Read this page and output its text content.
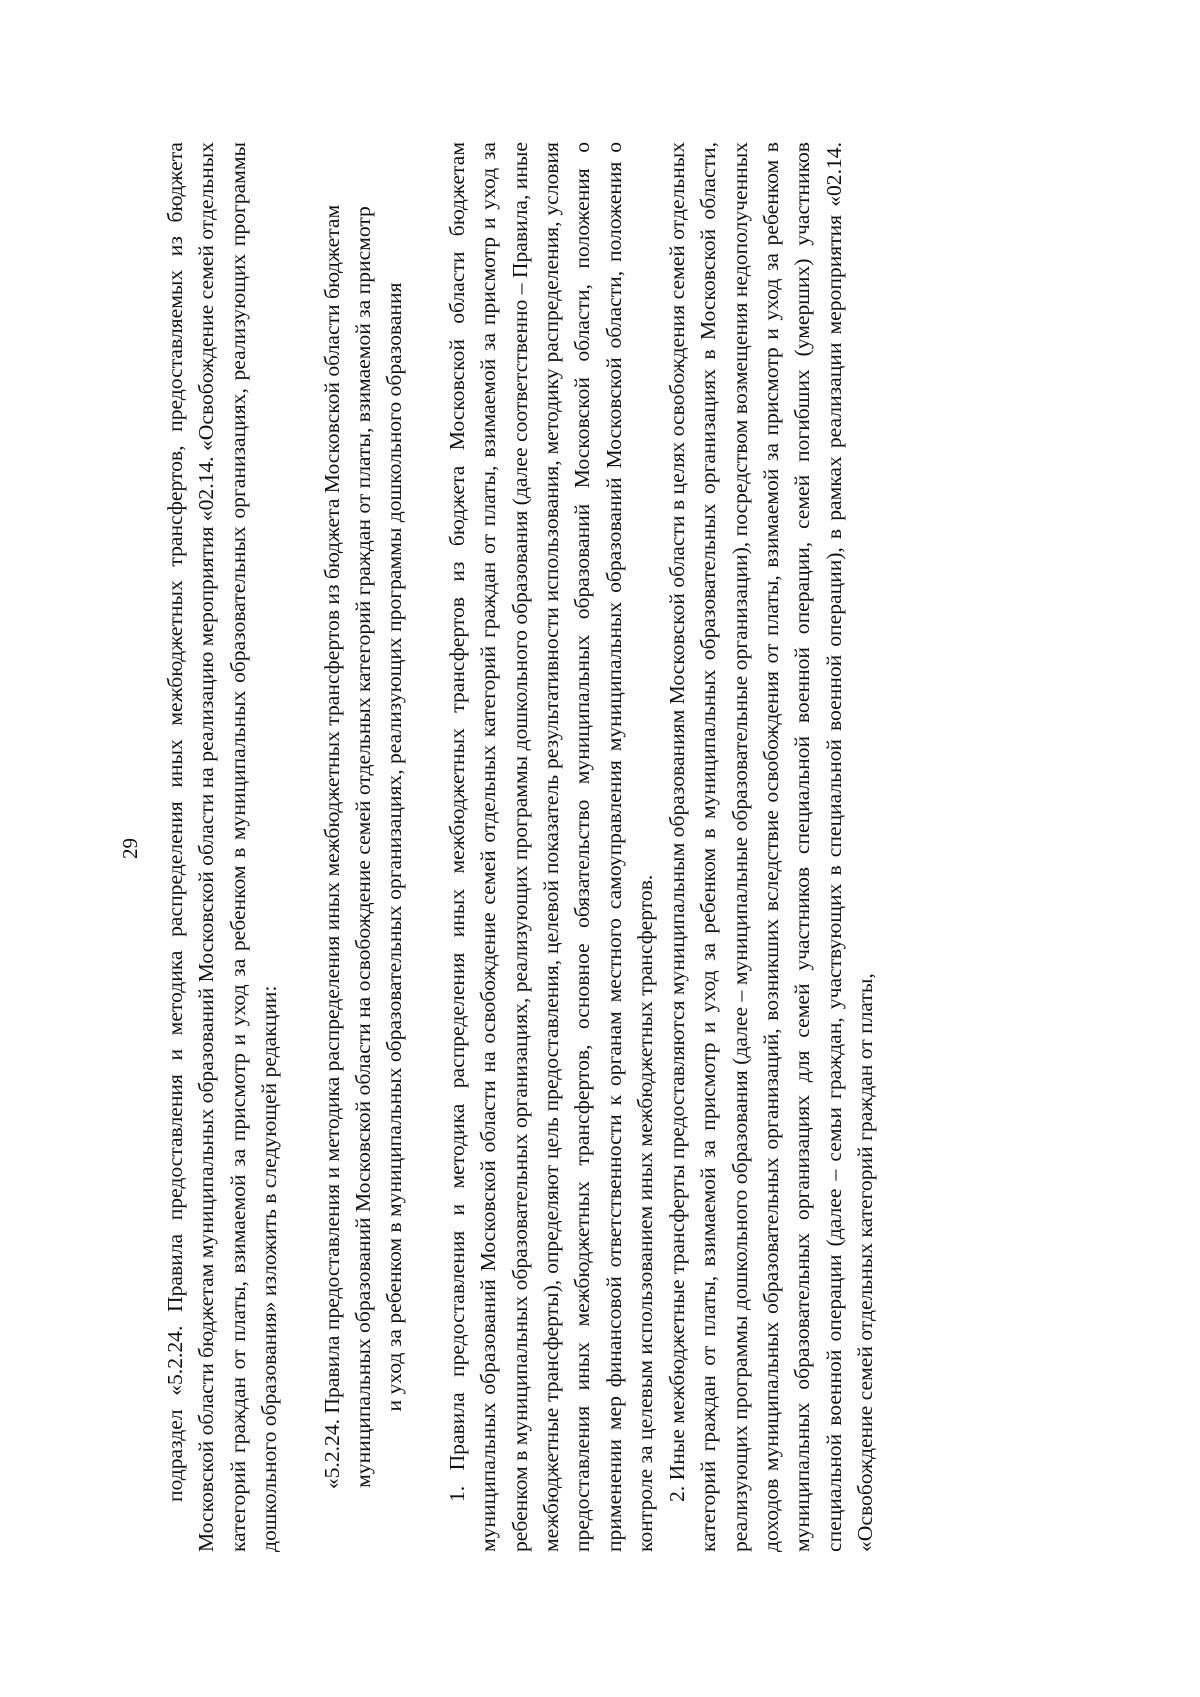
29 подраздел «5.2.24. Правила предоставления и методика распределения иных межбюджетных трансфертов, предоставляемых из бюджета Московской области бюджетам муниципальных образований Московской области на реализацию мероприятия «02.14. «Освобождение семей отдельных категорий граждан от платы, взимаемой за присмотр и уход за ребенком в муниципальных образовательных организациях, реализующих программы дошкольного образования» изложить в следующей редакции: «5.2.24. Правила предоставления и методика распределения иных межбюджетных трансфертов из бюджета Московской области бюджетам муниципальных образований Московской области на освобождение семей отдельных категорий граждан от платы, взимаемой за присмотр и уход за ребенком в муниципальных образовательных организациях, реализующих программы дошкольного образования 1. Правила предоставления и методика распределения иных межбюджетных трансфертов из бюджета Московской области бюджетам муниципальных образований Московской области на освобождение семей отдельных категорий граждан от платы, взимаемой за присмотр и уход за ребенком в муниципальных образовательных организациях, реализующих программы дошкольного образования (далее соответственно – Правила, иные межбюджетные трансферты), определяют цель предоставления, целевой показатель результативности использования, методику распределения, условия предоставления иных межбюджетных трансфертов, основное обязательство муниципальных образований Московской области, положения о применении мер финансовой ответственности к органам местного самоуправления муниципальных образований Московской области, положения о контроле за целевым использованием иных межбюджетных трансфертов. 2. Иные межбюджетные трансферты предоставляются муниципальным образованиям Московской области в целях освобождения семей отдельных категорий граждан от платы, взимаемой за присмотр и уход за ребенком в муниципальных образовательных организациях в Московской области, реализующих программы дошкольного образования (далее – муниципальные образовательные организации), посредством возмещения недополученных доходов муниципальных образовательных организаций, возникших вследствие освобождения от платы, взимаемой за присмотр и уход за ребенком в муниципальных образовательных организациях для семей участников специальной военной операции, семей погибших (умерших) участников специальной военной операции (далее – семьи граждан, участвующих в специальной военной операции), в рамках реализации мероприятия «02.14. «Освобождение семей отдельных категорий граждан от платы,
